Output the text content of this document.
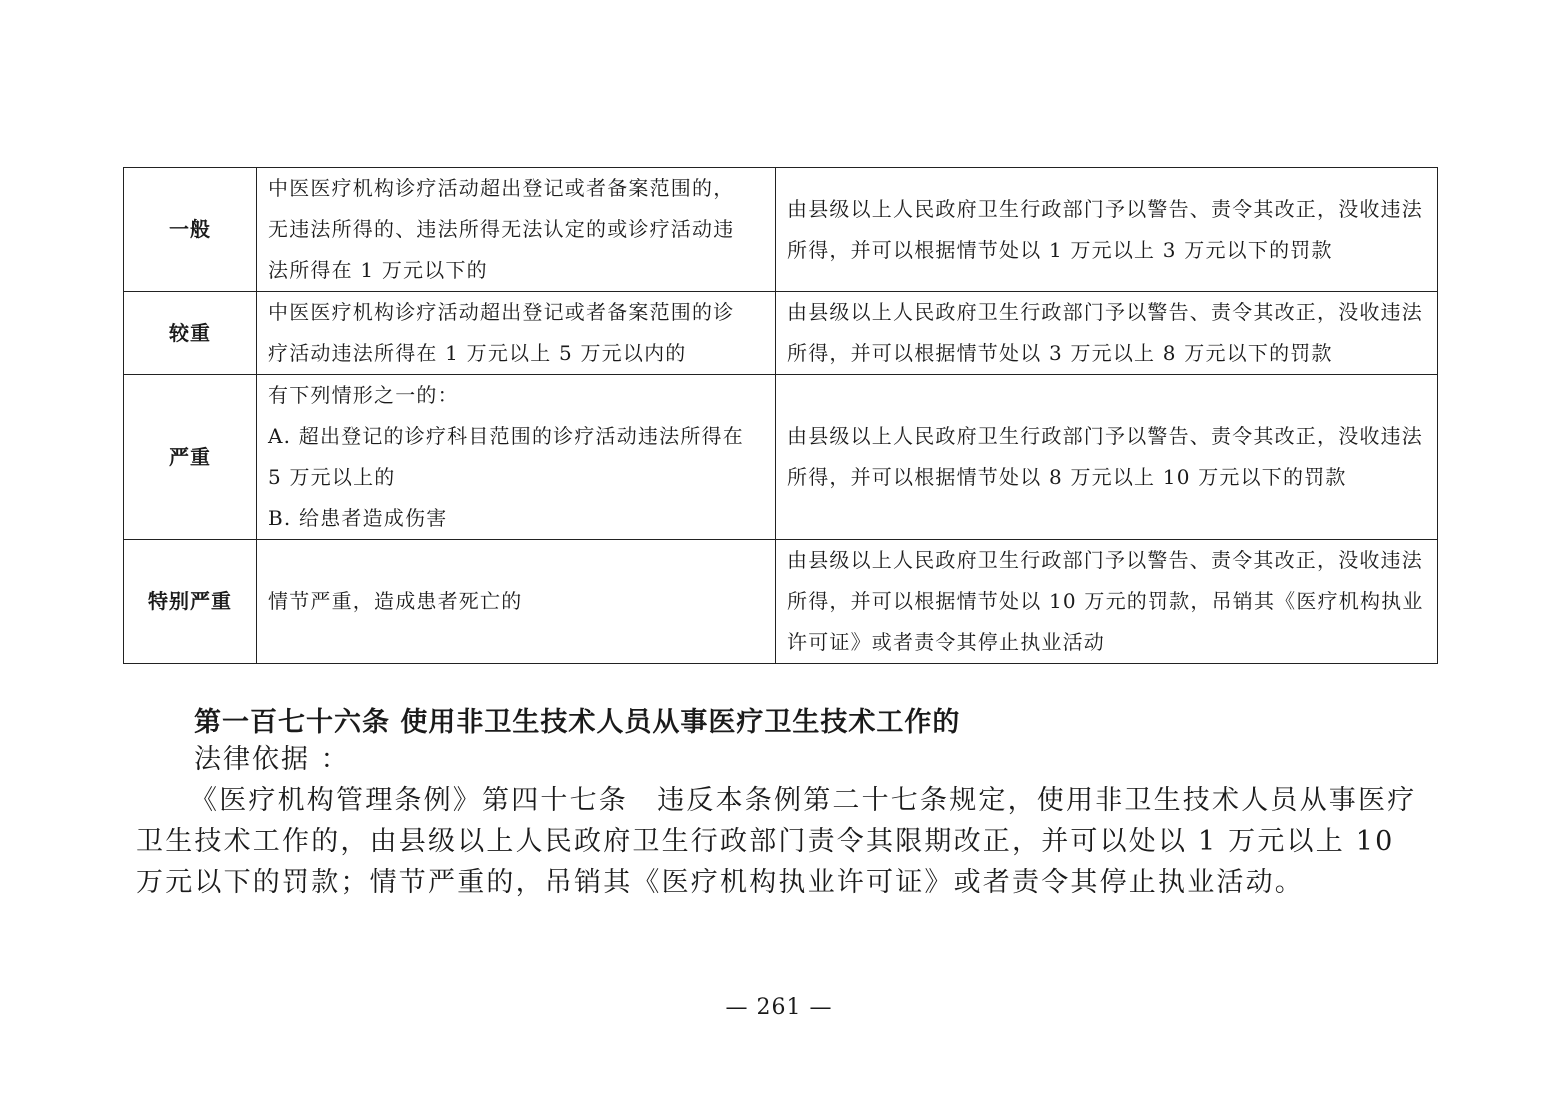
一般	中医医疗机构诊疗活动超出登记或者备案范围的，
无违法所得的、违法所得无法认定的或诊疗活动违
法所得在 1 万元以下的	由县级以上人民政府卫生行政部门予以警告、责令其改正，没收违法所得，并可以根据情节处以 1 万元以上 3 万元以下的罚款
较重	中医医疗机构诊疗活动超出登记或者备案范围的诊
疗活动违法所得在 1 万元以上 5 万元以内的	由县级以上人民政府卫生行政部门予以警告、责令其改正，没收违法所得，并可以根据情节处以 3 万元以上 8 万元以下的罚款
严重	有下列情形之一的：
A. 超出登记的诊疗科目范围的诊疗活动违法所得在
5 万元以上的
B. 给患者造成伤害	由县级以上人民政府卫生行政部门予以警告、责令其改正，没收违法所得，并可以根据情节处以 8 万元以上 10 万元以下的罚款
特别严重	情节严重，造成患者死亡的	由县级以上人民政府卫生行政部门予以警告、责令其改正，没收违法所得，并可以根据情节处以 10 万元的罚款，吊销其《医疗机构执业许可证》或者责令其停止执业活动

第一百七十六条 使用非卫生技术人员从事医疗卫生技术工作的

法律依据 ：

《医疗机构管理条例》第四十七条　违反本条例第二十七条规定，使用非卫生技术人员从事医疗卫生技术工作的，由县级以上人民政府卫生行政部门责令其限期改正，并可以处以 1 万元以上 10 万元以下的罚款；情节严重的，吊销其《医疗机构执业许可证》或者责令其停止执业活动。

— 261 —
